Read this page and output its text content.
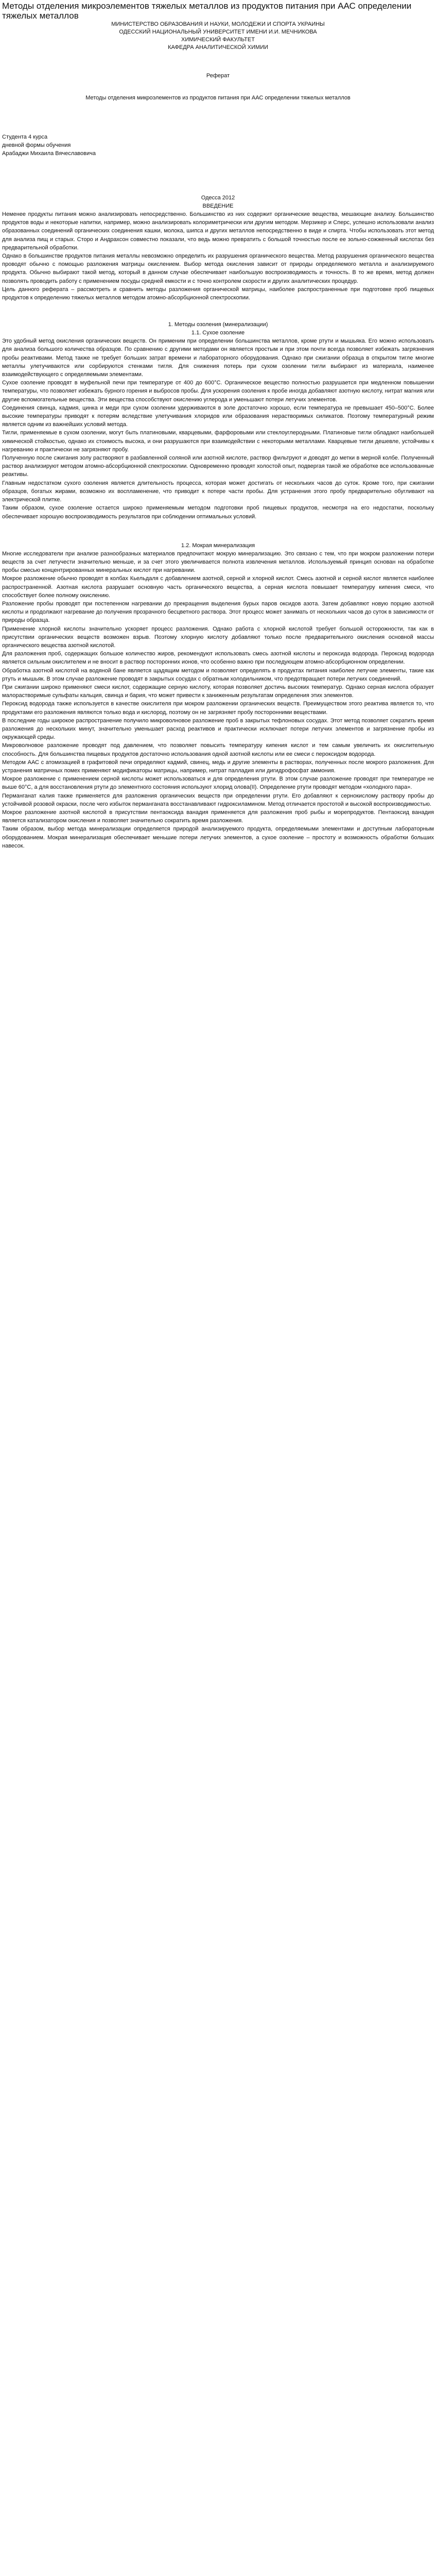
Методы отделения микроэлементов тяжелых металлов из продуктов питания при ААС определении тяжелых металлов

МИНИСТЕРСТВО ОБРАЗОВАНИЯ И НАУКИ, МОЛОДЕЖИ И СПОРТА УКРАИНЫ

ОДЕССКИЙ НАЦИОНАЛЬНЫЙ УНИВЕРСИТЕТ ИМЕНИ И.И. МЕЧНИКОВА

ХИМИЧЕСКИЙ ФАКУЛЬТЕТ

КАФЕДРА АНАЛИТИЧЕСКОЙ ХИМИИ

Реферат

Методы отделения микроэлементов из продуктов питания при ААС определении тяжелых металлов

Студента 4 курса

дневной формы обучения

Арабаджи Михаила Вячеславовича

Одесса 2012

ВВЕДЕНИЕ

Неменее продукты питания можно анализировать непосредственно. Большинство из них содержит органические вещества, мешающие анализу. Большинство продуктов воды и некоторые напитки, например, можно анализировать колориметрически или другим методом. Мерзикер и Сперс, успешно использовали анализ образованных соединений органических соединения кашки, молока, шипса и других металлов непосредственно в виде и спирта. Чтобы использовать этот метод для анализа пищ и старых. Сторо и Андрахсон совместно показали, что ведь можно превратить с большой точностью после ее зольно-сожженный кислотах без предварительной обработки.

Однако в большинстве продуктов питания металлы невозможно определить их разрушения органического вещества. Метод разрушения органического вещества проводят обычно с помощью разложения матрицы окислением. Выбор метода окисления зависит от природы определяемого металла и анализируемого продукта. Обычно выбирают такой метод, который в данном случае обеспечивает наибольшую воспроизводимость и точность. В то же время, метод должен позволять проводить работу с применением посуды средней емкости и с точно контролем скорости и других аналитических процедур.

Цель данного реферата – рассмотреть и сравнить методы разложения органической матрицы, наиболее распространенные при подготовке проб пищевых продуктов к определению тяжелых металлов методом атомно-абсорбционной спектроскопии.

1. Методы озоления (минерализации)

1.1. Сухое озоление

Это удобный метод окисления органических веществ. Он применим при определении большинства металлов, кроме ртути и мышьяка. Его можно использовать для анализа большого количества образцов. По сравнению с другими методами он является простым и при этом почти всегда позволяет избежать загрязнения пробы реактивами. Метод также не требует больших затрат времени и лабораторного оборудования. Однако при сжигании образца в открытом тигле многие металлы улетучиваются или сорбируются стенками тигля. Для снижения потерь при сухом озолении тигли выбирают из материала, наименее взаимодействующего с определяемыми элементами.

Сухое озоление проводят в муфельной печи при температуре от 400 до 600°С. Органическое вещество полностью разрушается при медленном повышении температуры, что позволяет избежать бурного горения и выбросов пробы. Для ускорения озоления к пробе иногда добавляют азотную кислоту, нитрат магния или другие вспомогательные вещества. Эти вещества способствуют окислению углерода и уменьшают потери летучих элементов.

Соединения свинца, кадмия, цинка и меди при сухом озолении удерживаются в золе достаточно хорошо, если температура не превышает 450–500°С. Более высокие температуры приводят к потерям вследствие улетучивания хлоридов или образования нерастворимых силикатов. Поэтому температурный режим является одним из важнейших условий метода.

Тигли, применяемые в сухом озолении, могут быть платиновыми, кварцевыми, фарфоровыми или стеклоуглеродными. Платиновые тигли обладают наибольшей химической стойкостью, однако их стоимость высока, и они разрушаются при взаимодействии с некоторыми металлами. Кварцевые тигли дешевле, устойчивы к нагреванию и практически не загрязняют пробу.

Полученную после сжигания золу растворяют в разбавленной соляной или азотной кислоте, раствор фильтруют и доводят до метки в мерной колбе. Полученный раствор анализируют методом атомно-абсорбционной спектроскопии. Одновременно проводят холостой опыт, подвергая такой же обработке все использованные реактивы.

Главным недостатком сухого озоления является длительность процесса, которая может достигать от нескольких часов до суток. Кроме того, при сжигании образцов, богатых жирами, возможно их воспламенение, что приводит к потере части пробы. Для устранения этого пробу предварительно обугливают на электрической плитке.

Таким образом, сухое озоление остается широко применяемым методом подготовки проб пищевых продуктов, несмотря на его недостатки, поскольку обеспечивает хорошую воспроизводимость результатов при соблюдении оптимальных условий.

1.2. Мокрая минерализация

Многие исследователи при анализе разнообразных материалов предпочитают мокрую минерализацию. Это связано с тем, что при мокром разложении потери веществ за счет летучести значительно меньше, и за счет этого увеличивается полнота извлечения металлов. Используемый принцип основан на обработке пробы смесью концентрированных минеральных кислот при нагревании.

Мокрое разложение обычно проводят в колбах Кьельдаля с добавлением азотной, серной и хлорной кислот. Смесь азотной и серной кислот является наиболее распространенной. Азотная кислота разрушает основную часть органического вещества, а серная кислота повышает температуру кипения смеси, что способствует более полному окислению.

Разложение пробы проводят при постепенном нагревании до прекращения выделения бурых паров оксидов азота. Затем добавляют новую порцию азотной кислоты и продолжают нагревание до получения прозрачного бесцветного раствора. Этот процесс может занимать от нескольких часов до суток в зависимости от природы образца.

Применение хлорной кислоты значительно ускоряет процесс разложения. Однако работа с хлорной кислотой требует большой осторожности, так как в присутствии органических веществ возможен взрыв. Поэтому хлорную кислоту добавляют только после предварительного окисления основной массы органического вещества азотной кислотой.

Для разложения проб, содержащих большое количество жиров, рекомендуют использовать смесь азотной кислоты и пероксида водорода. Пероксид водорода является сильным окислителем и не вносит в раствор посторонних ионов, что особенно важно при последующем атомно-абсорбционном определении.

Обработка азотной кислотой на водяной бане является щадящим методом и позволяет определять в продуктах питания наиболее летучие элементы, такие как ртуть и мышьяк. В этом случае разложение проводят в закрытых сосудах с обратным холодильником, что предотвращает потери летучих соединений.

При сжигании широко применяют смеси кислот, содержащие серную кислоту, которая позволяет достичь высоких температур. Однако серная кислота образует малорастворимые сульфаты кальция, свинца и бария, что может привести к заниженным результатам определения этих элементов.

Пероксид водорода также используется в качестве окислителя при мокром разложении органических веществ. Преимуществом этого реактива является то, что продуктами его разложения являются только вода и кислород, поэтому он не загрязняет пробу посторонними веществами.

В последние годы широкое распространение получило микроволновое разложение проб в закрытых тефлоновых сосудах. Этот метод позволяет сократить время разложения до нескольких минут, значительно уменьшает расход реактивов и практически исключает потери летучих элементов и загрязнение пробы из окружающей среды.

Микроволновое разложение проводят под давлением, что позволяет повысить температуру кипения кислот и тем самым увеличить их окислительную способность. Для большинства пищевых продуктов достаточно использования одной азотной кислоты или ее смеси с пероксидом водорода.

Методом ААС с атомизацией в графитовой печи определяют кадмий, свинец, медь и другие элементы в растворах, полученных после мокрого разложения. Для устранения матричных помех применяют модификаторы матрицы, например, нитрат палладия или дигидрофосфат аммония.

Мокрое разложение с применением серной кислоты может использоваться и для определения ртути. В этом случае разложение проводят при температуре не выше 60°С, а для восстановления ртути до элементного состояния используют хлорид олова(II). Определение ртути проводят методом «холодного пара».

Перманганат калия также применяется для разложения органических веществ при определении ртути. Его добавляют к сернокислому раствору пробы до устойчивой розовой окраски, после чего избыток перманганата восстанавливают гидроксиламином. Метод отличается простотой и высокой воспроизводимостью.

Мокрое разложение азотной кислотой в присутствии пентаоксида ванадия применяется для разложения проб рыбы и морепродуктов. Пентаоксид ванадия является катализатором окисления и позволяет значительно сократить время разложения.

Таким образом, выбор метода минерализации определяется природой анализируемого продукта, определяемыми элементами и доступным лабораторным оборудованием. Мокрая минерализация обеспечивает меньшие потери летучих элементов, а сухое озоление – простоту и возможность обработки больших навесок.
